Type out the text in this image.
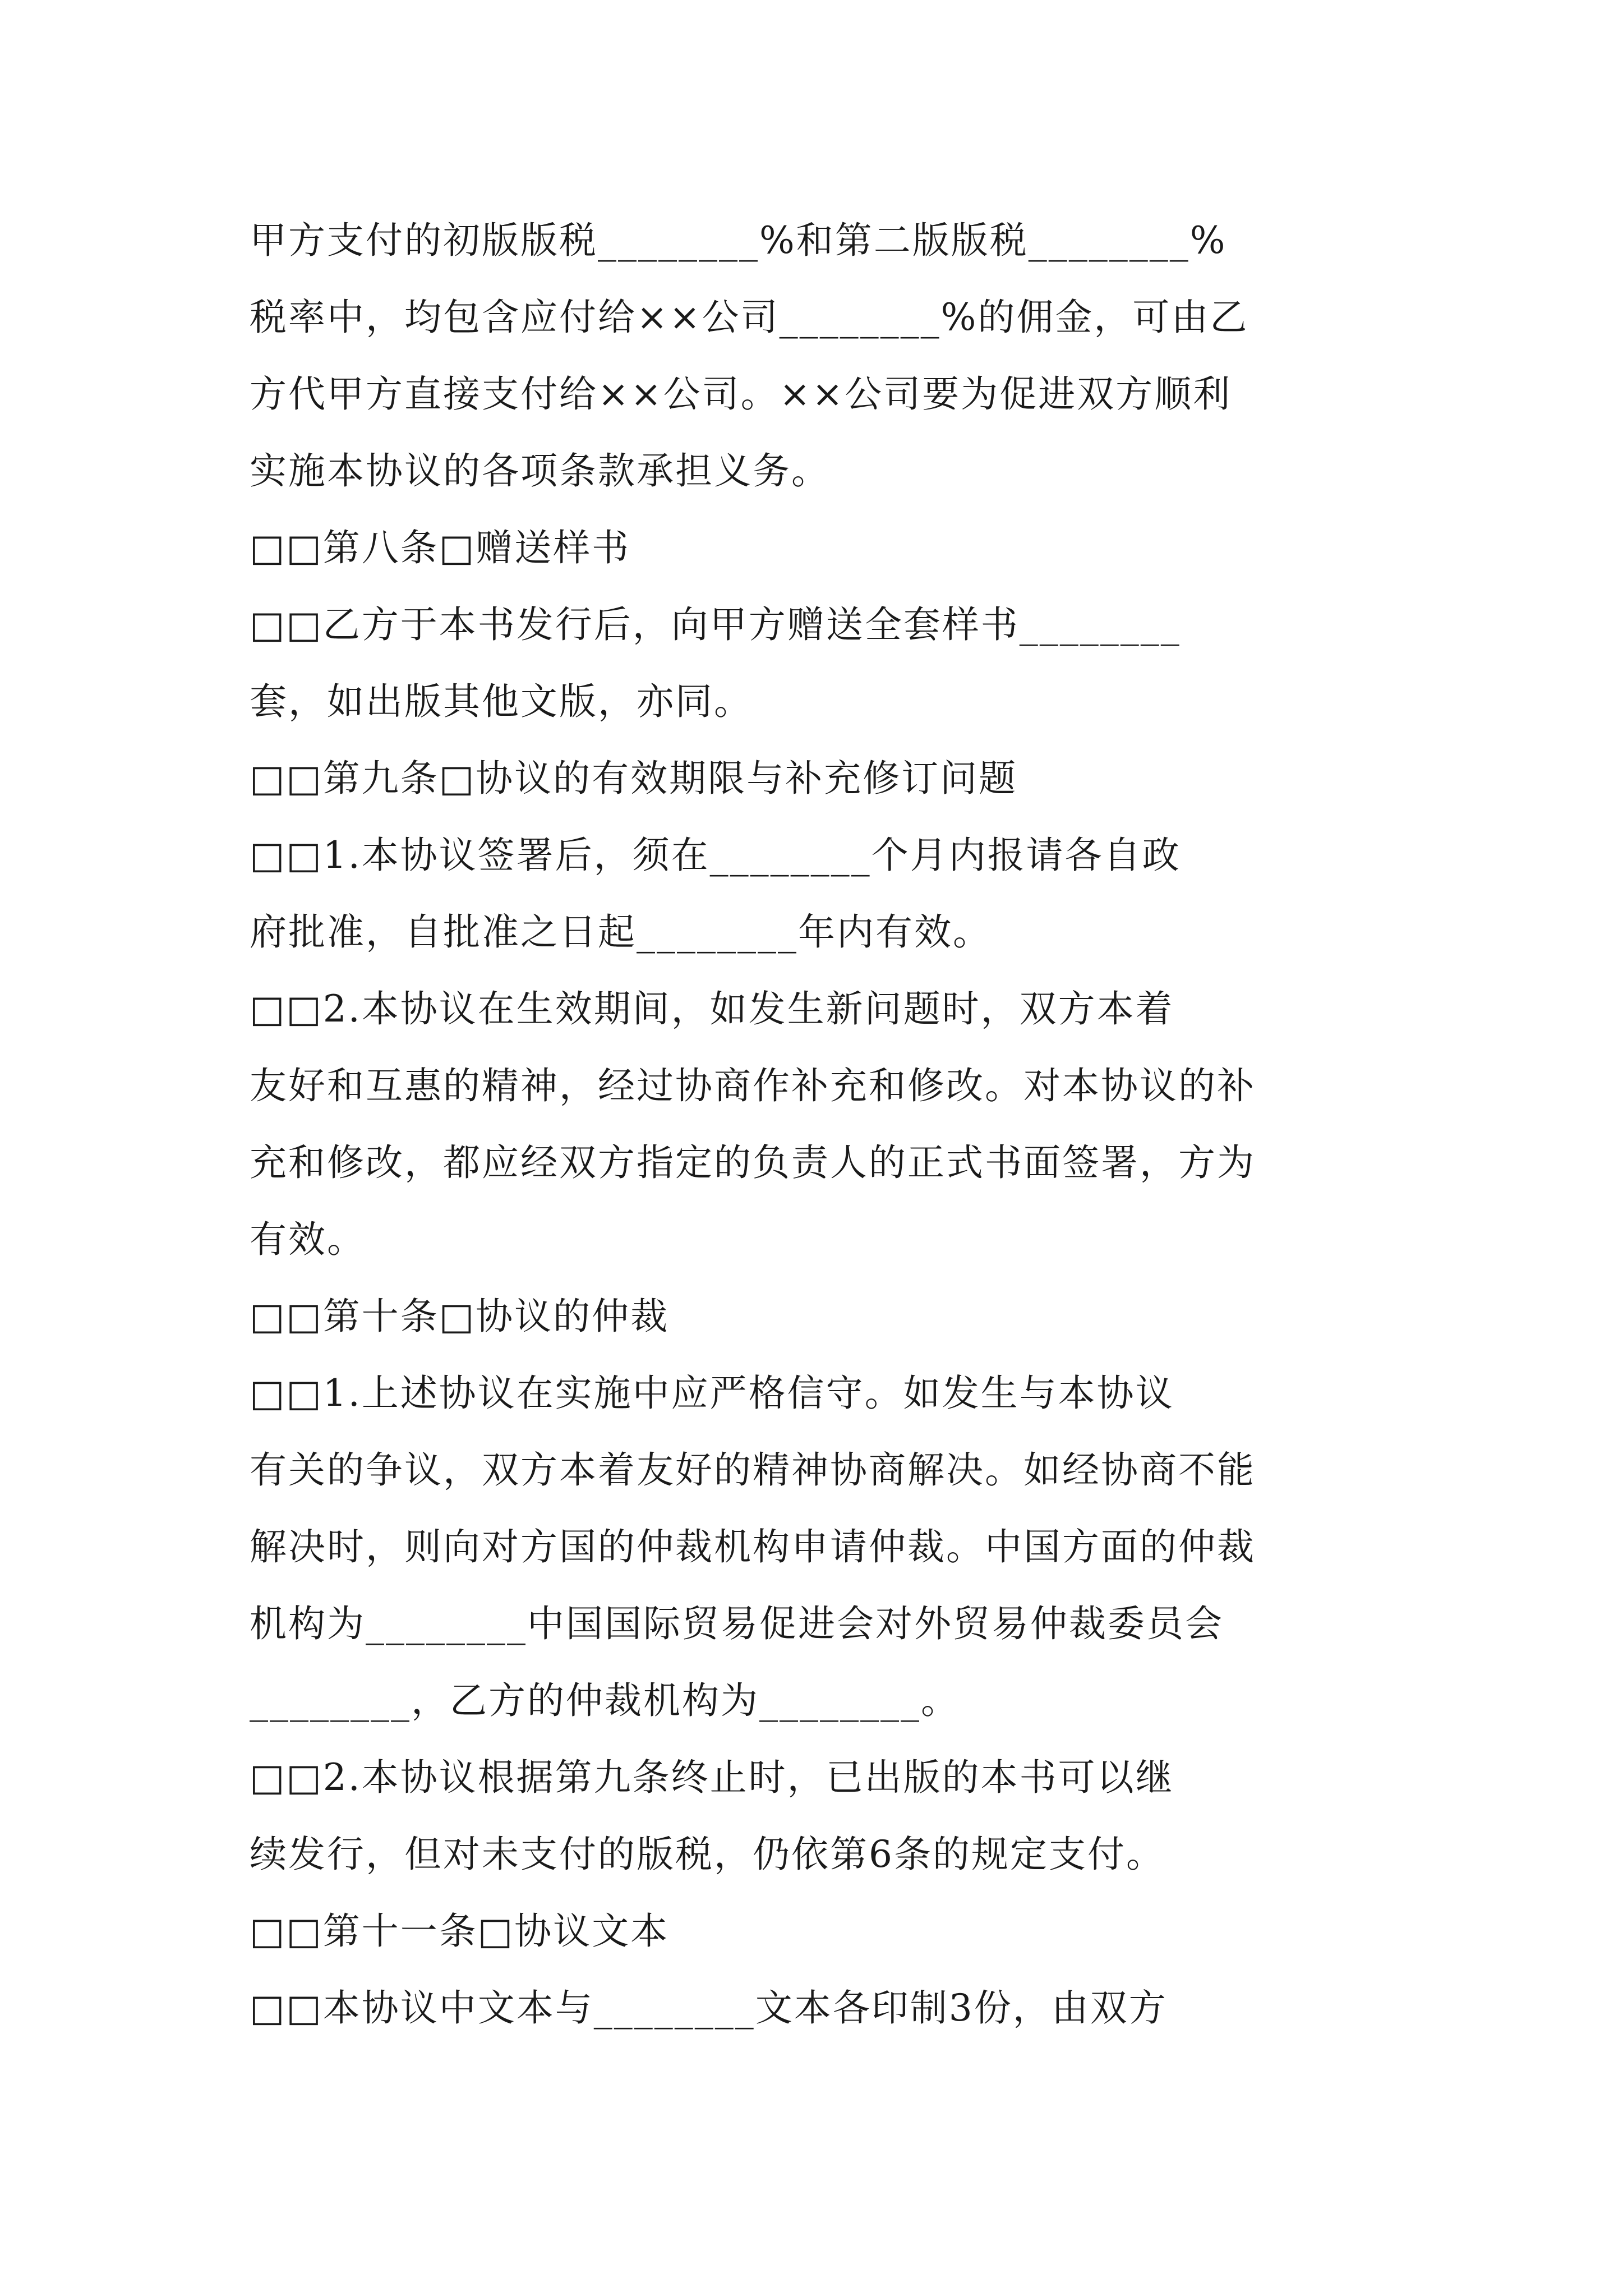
甲方支付的初版版税________%和第二版版税________%
税率中，均包含应付给××公司________%的佣金，可由乙
方代甲方直接支付给××公司。××公司要为促进双方顺利
实施本协议的各项条款承担义务。
□□第八条□赠送样书
□□乙方于本书发行后，向甲方赠送全套样书________
套，如出版其他文版，亦同。
□□第九条□协议的有效期限与补充修订问题
□□1.本协议签署后，须在________个月内报请各自政
府批准，自批准之日起________年内有效。
□□2.本协议在生效期间，如发生新问题时，双方本着
友好和互惠的精神，经过协商作补充和修改。对本协议的补
充和修改，都应经双方指定的负责人的正式书面签署，方为
有效。
□□第十条□协议的仲裁
□□1.上述协议在实施中应严格信守。如发生与本协议
有关的争议，双方本着友好的精神协商解决。如经协商不能
解决时，则向对方国的仲裁机构申请仲裁。中国方面的仲裁
机构为________中国国际贸易促进会对外贸易仲裁委员会
________，乙方的仲裁机构为________。
□□2.本协议根据第九条终止时，已出版的本书可以继
续发行，但对未支付的版税，仍依第6条的规定支付。
□□第十一条□协议文本
□□本协议中文本与________文本各印制3份，由双方
